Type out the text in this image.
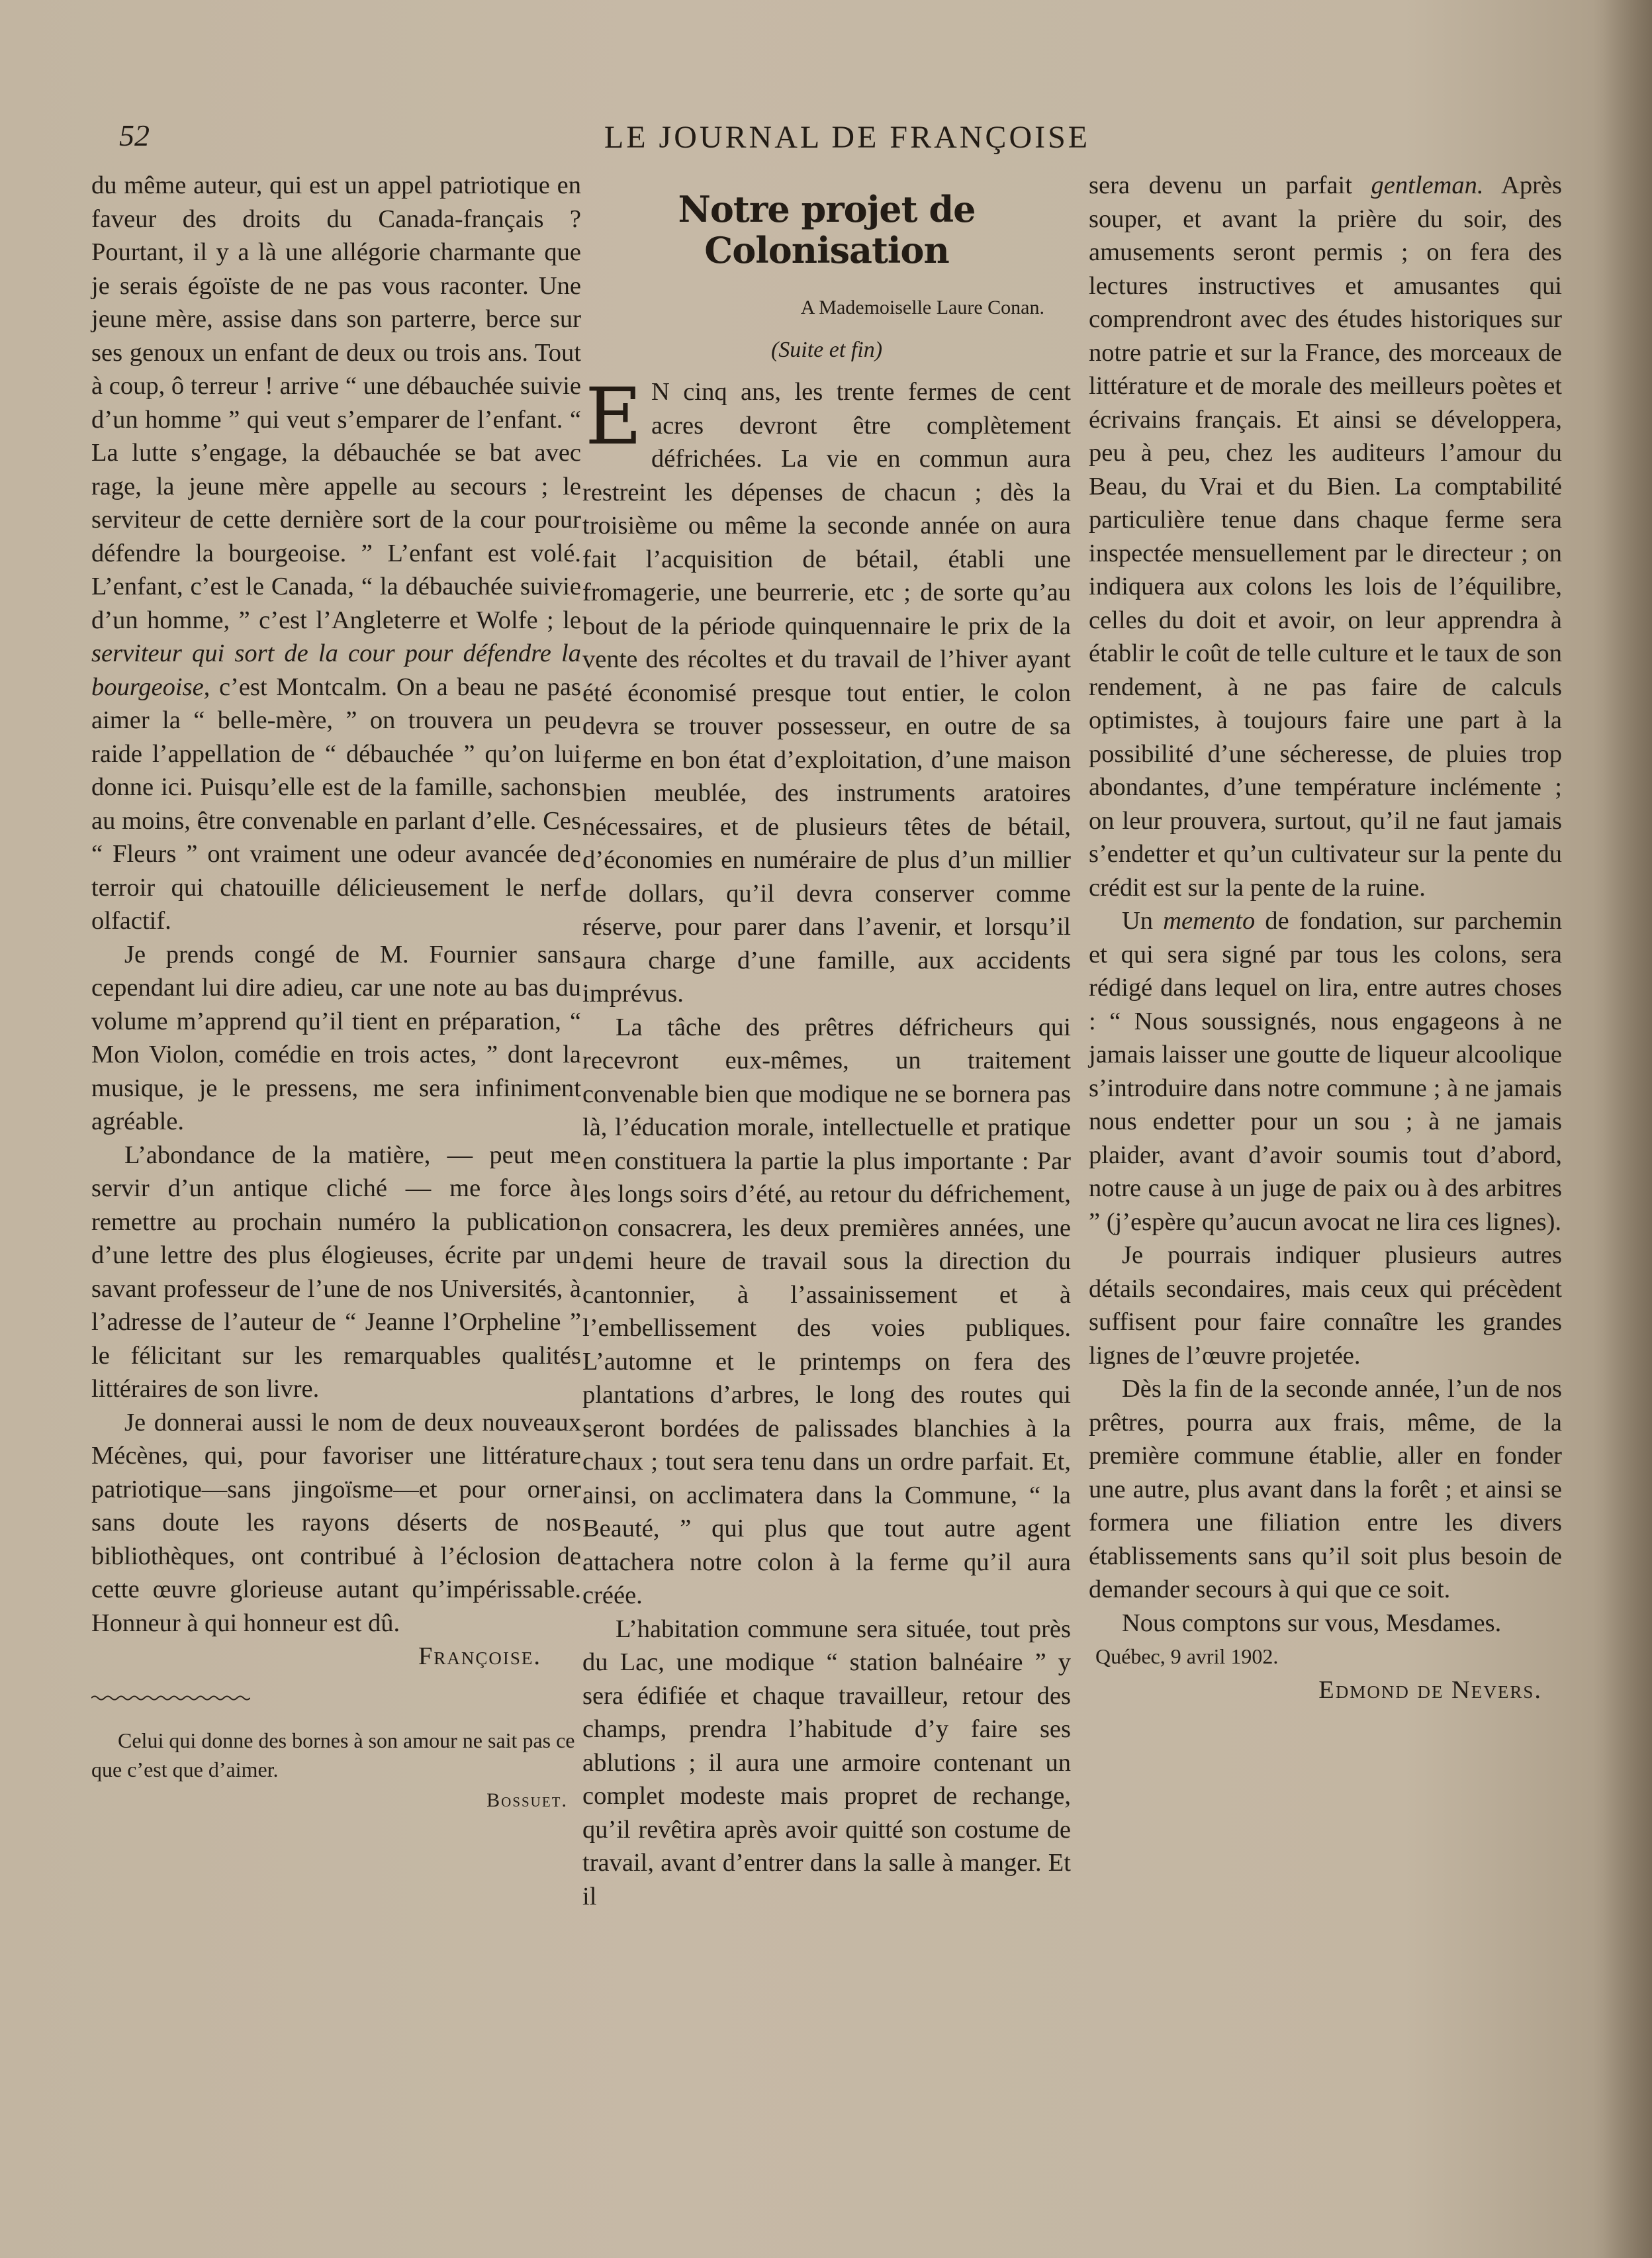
52	LE JOURNAL DE FRANÇOISE

du même auteur, qui est un appel patriotique en faveur des droits du Canada-français ? Pourtant, il y a là une allégorie charmante que je serais égoïste de ne pas vous raconter. Une jeune mère, assise dans son parterre, berce sur ses genoux un enfant de deux ou trois ans. Tout à coup, ô terreur ! arrive “ une débauchée suivie d’un homme ” qui veut s’emparer de l’enfant. “ La lutte s’engage, la débauchée se bat avec rage, la jeune mère appelle au secours ; le serviteur de cette dernière sort de la cour pour défendre la bourgeoise. ” L’enfant est volé. L’enfant, c’est le Canada, “ la débauchée suivie d’un homme, ” c’est l’Angleterre et Wolfe ; le serviteur qui sort de la cour pour défendre la bourgeoise, c’est Montcalm. On a beau ne pas aimer la “ belle-mère, ” on trouvera un peu raide l’appellation de “ débauchée ” qu’on lui donne ici. Puisqu’elle est de la famille, sachons au moins, être convenable en parlant d’elle. Ces “ Fleurs ” ont vraiment une odeur avancée de terroir qui chatouille délicieusement le nerf olfactif.

Je prends congé de M. Fournier sans cependant lui dire adieu, car une note au bas du volume m’apprend qu’il tient en préparation, “ Mon Violon, comédie en trois actes, ” dont la musique, je le pressens, me sera infiniment agréable.

L’abondance de la matière, — peut me servir d’un antique cliché — me force à remettre au prochain numéro la publication d’une lettre des plus élogieuses, écrite par un savant professeur de l’une de nos Universités, à l’adresse de l’auteur de “ Jeanne l’Orpheline ” le félicitant sur les remarquables qualités littéraires de son livre.

Je donnerai aussi le nom de deux nouveaux Mécènes, qui, pour favoriser une littérature patriotique—sans jingoïsme—et pour orner sans doute les rayons déserts de nos bibliothèques, ont contribué à l’éclosion de cette œuvre glorieuse autant qu’impérissable. Honneur à qui honneur est dû.

Françoise.

Celui qui donne des bornes à son amour ne sait pas ce que c’est que d’aimer.

Bossuet.

Notre projet de Colonisation
A Mademoiselle Laure Conan.
(Suite et fin)

E N cinq ans, les trente fermes de cent acres devront être complètement défrichées. La vie en commun aura restreint les dépenses de chacun ; dès la troisième ou même la seconde année on aura fait l’acquisition de bétail, établi une fromagerie, une beurrerie, etc ; de sorte qu’au bout de la période quinquennaire le prix de la vente des récoltes et du travail de l’hiver ayant été économisé presque tout entier, le colon devra se trouver possesseur, en outre de sa ferme en bon état d’exploitation, d’une maison bien meublée, des instruments aratoires nécessaires, et de plusieurs têtes de bétail, d’économies en numéraire de plus d’un millier de dollars, qu’il devra conserver comme réserve, pour parer dans l’avenir, et lorsqu’il aura charge d’une famille, aux accidents imprévus.

La tâche des prêtres défricheurs qui recevront eux-mêmes, un traitement convenable bien que modique ne se bornera pas là, l’éducation morale, intellectuelle et pratique en constituera la partie la plus importante : Par les longs soirs d’été, au retour du défrichement, on consacrera, les deux premières années, une demi heure de travail sous la direction du cantonnier, à l’assainissement et à l’embellissement des voies publiques. L’automne et le printemps on fera des plantations d’arbres, le long des routes qui seront bordées de palissades blanchies à la chaux ; tout sera tenu dans un ordre parfait. Et, ainsi, on acclimatera dans la Commune, “ la Beauté, ” qui plus que tout autre agent attachera notre colon à la ferme qu’il aura créée.

L’habitation commune sera située, tout près du Lac, une modique “ station balnéaire ” y sera édifiée et chaque travailleur, retour des champs, prendra l’habitude d’y faire ses ablutions ; il aura une armoire contenant un complet modeste mais propret de rechange, qu’il revêtira après avoir quitté son costume de travail, avant d’entrer dans la salle à manger. Et il

sera devenu un parfait gentleman. Après souper, et avant la prière du soir, des amusements seront permis ; on fera des lectures instructives et amusantes qui comprendront avec des études historiques sur notre patrie et sur la France, des morceaux de littérature et de morale des meilleurs poètes et écrivains français. Et ainsi se développera, peu à peu, chez les auditeurs l’amour du Beau, du Vrai et du Bien. La comptabilité particulière tenue dans chaque ferme sera inspectée mensuellement par le directeur ; on indiquera aux colons les lois de l’équilibre, celles du doit et avoir, on leur apprendra à établir le coût de telle culture et le taux de son rendement, à ne pas faire de calculs optimistes, à toujours faire une part à la possibilité d’une sécheresse, de pluies trop abondantes, d’une température inclémente ; on leur prouvera, surtout, qu’il ne faut jamais s’endetter et qu’un cultivateur sur la pente du crédit est sur la pente de la ruine.

Un memento de fondation, sur parchemin et qui sera signé par tous les colons, sera rédigé dans lequel on lira, entre autres choses : “ Nous soussignés, nous engageons à ne jamais laisser une goutte de liqueur alcoolique s’introduire dans notre commune ; à ne jamais nous endetter pour un sou ; à ne jamais plaider, avant d’avoir soumis tout d’abord, notre cause à un juge de paix ou à des arbitres ” (j’espère qu’aucun avocat ne lira ces lignes).

Je pourrais indiquer plusieurs autres détails secondaires, mais ceux qui précèdent suffisent pour faire connaître les grandes lignes de l’œuvre projetée.

Dès la fin de la seconde année, l’un de nos prêtres, pourra aux frais, même, de la première commune établie, aller en fonder une autre, plus avant dans la forêt ; et ainsi se formera une filiation entre les divers établissements sans qu’il soit plus besoin de demander secours à qui que ce soit.

Nous comptons sur vous, Mesdames.

Québec, 9 avril 1902.

Edmond de Nevers.
